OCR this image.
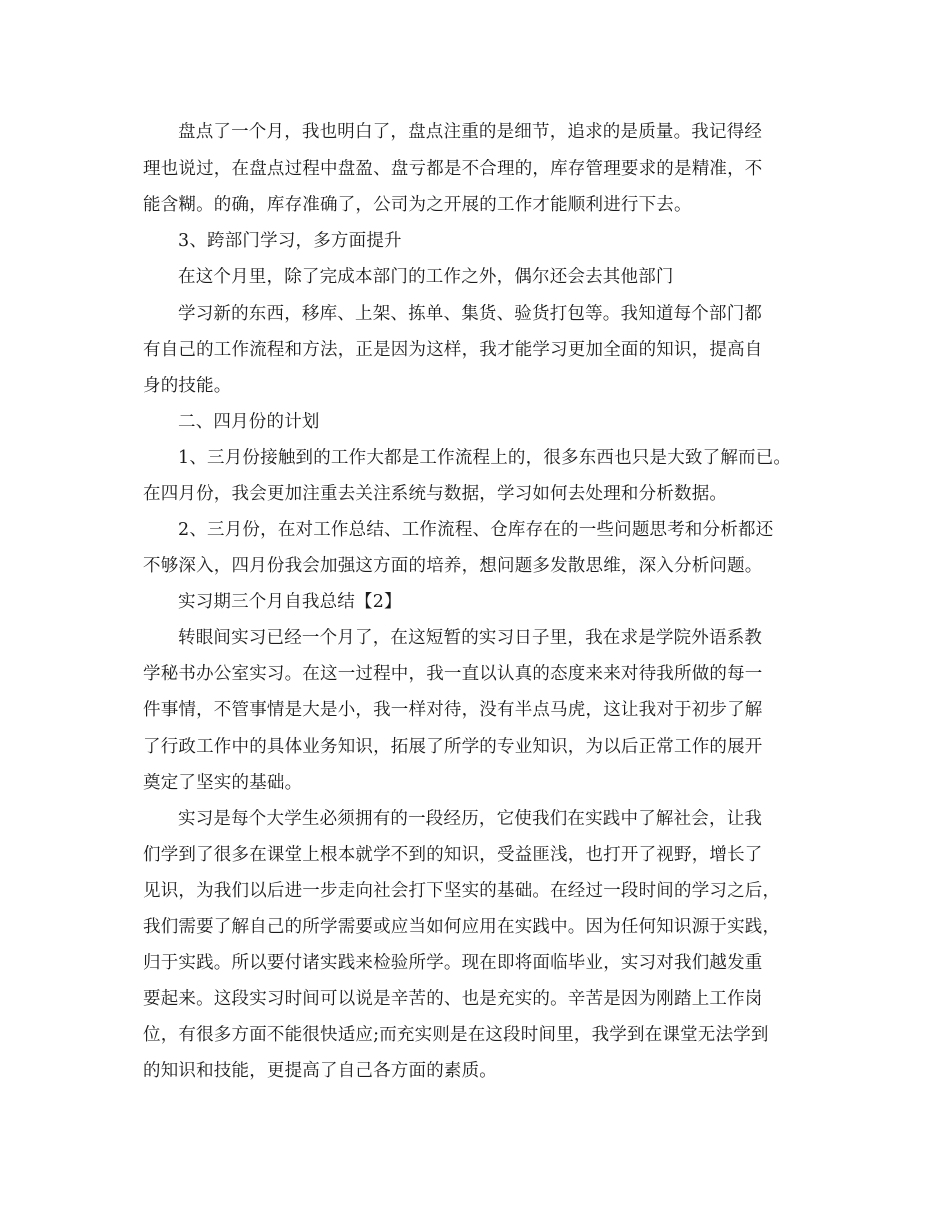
盘点了一个月，我也明白了，盘点注重的是细节，追求的是质量。我记得经
理也说过，在盘点过程中盘盈、盘亏都是不合理的，库存管理要求的是精准，不
能含糊。的确，库存准确了，公司为之开展的工作才能顺利进行下去。
3、跨部门学习，多方面提升
在这个月里，除了完成本部门的工作之外，偶尔还会去其他部门
学习新的东西，移库、上架、拣单、集货、验货打包等。我知道每个部门都
有自己的工作流程和方法，正是因为这样，我才能学习更加全面的知识，提高自
身的技能。
二、四月份的计划
1、三月份接触到的工作大都是工作流程上的，很多东西也只是大致了解而已。
在四月份，我会更加注重去关注系统与数据，学习如何去处理和分析数据。
2、三月份，在对工作总结、工作流程、仓库存在的一些问题思考和分析都还
不够深入，四月份我会加强这方面的培养，想问题多发散思维，深入分析问题。
实习期三个月自我总结【2】
转眼间实习已经一个月了，在这短暂的实习日子里，我在求是学院外语系教
学秘书办公室实习。在这一过程中，我一直以认真的态度来来对待我所做的每一
件事情，不管事情是大是小，我一样对待，没有半点马虎，这让我对于初步了解
了行政工作中的具体业务知识，拓展了所学的专业知识，为以后正常工作的展开
奠定了坚实的基础。
实习是每个大学生必须拥有的一段经历，它使我们在实践中了解社会，让我
们学到了很多在课堂上根本就学不到的知识，受益匪浅，也打开了视野，增长了
见识，为我们以后进一步走向社会打下坚实的基础。在经过一段时间的学习之后，
我们需要了解自己的所学需要或应当如何应用在实践中。因为任何知识源于实践，
归于实践。所以要付诸实践来检验所学。现在即将面临毕业，实习对我们越发重
要起来。这段实习时间可以说是辛苦的、也是充实的。辛苦是因为刚踏上工作岗
位，有很多方面不能很快适应;而充实则是在这段时间里，我学到在课堂无法学到
的知识和技能，更提高了自己各方面的素质。
